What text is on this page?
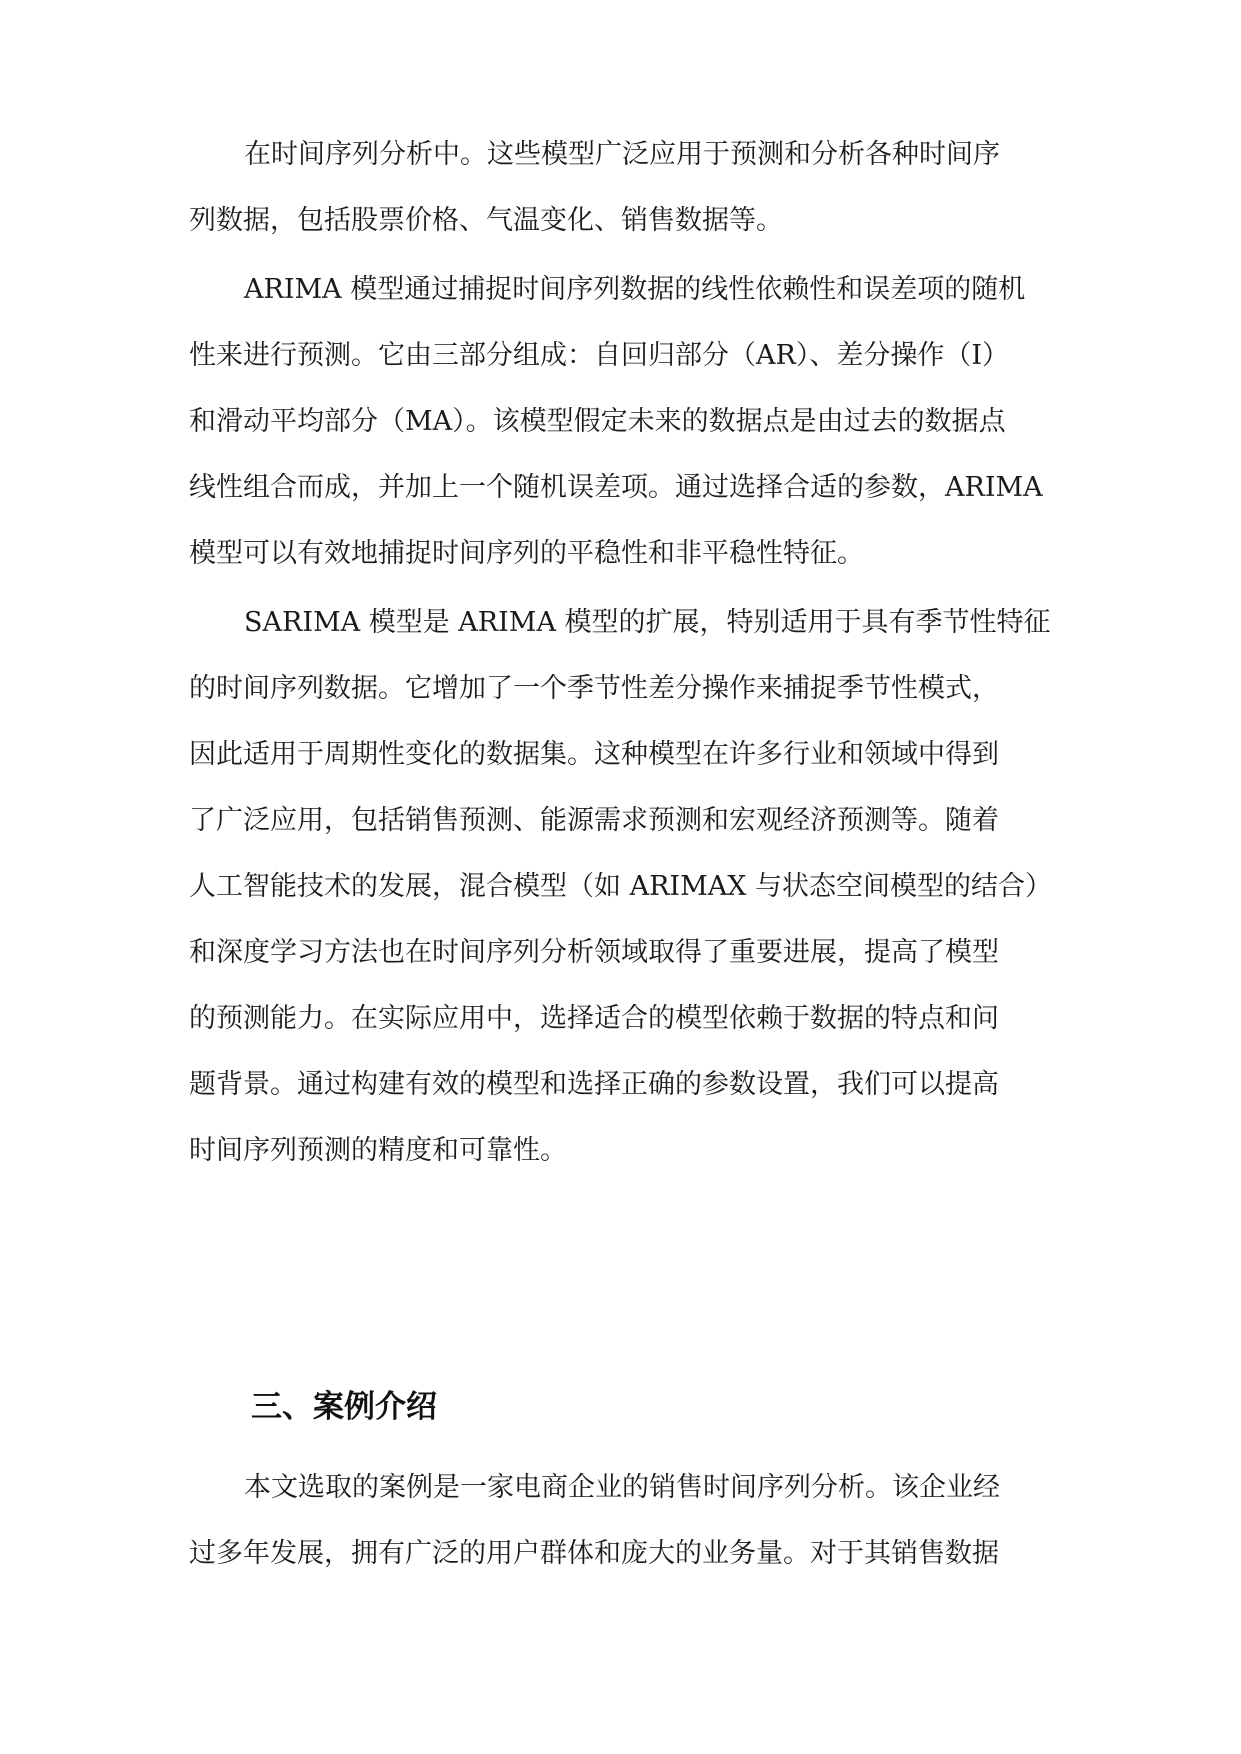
在时间序列分析中。这些模型广泛应用于预测和分析各种时间序
列数据，包括股票价格、气温变化、销售数据等。
ARIMA 模型通过捕捉时间序列数据的线性依赖性和误差项的随机
性来进行预测。它由三部分组成：自回归部分（AR）、差分操作（I）
和滑动平均部分（MA）。该模型假定未来的数据点是由过去的数据点
线性组合而成，并加上一个随机误差项。通过选择合适的参数，ARIMA
模型可以有效地捕捉时间序列的平稳性和非平稳性特征。
SARIMA 模型是 ARIMA 模型的扩展，特别适用于具有季节性特征
的时间序列数据。它增加了一个季节性差分操作来捕捉季节性模式，
因此适用于周期性变化的数据集。这种模型在许多行业和领域中得到
了广泛应用，包括销售预测、能源需求预测和宏观经济预测等。随着
人工智能技术的发展，混合模型（如 ARIMAX 与状态空间模型的结合）
和深度学习方法也在时间序列分析领域取得了重要进展，提高了模型
的预测能力。在实际应用中，选择适合的模型依赖于数据的特点和问
题背景。通过构建有效的模型和选择正确的参数设置，我们可以提高
时间序列预测的精度和可靠性。
本文选取的案例是一家电商企业的销售时间序列分析。该企业经
过多年发展，拥有广泛的用户群体和庞大的业务量。对于其销售数据
三、案例介绍
